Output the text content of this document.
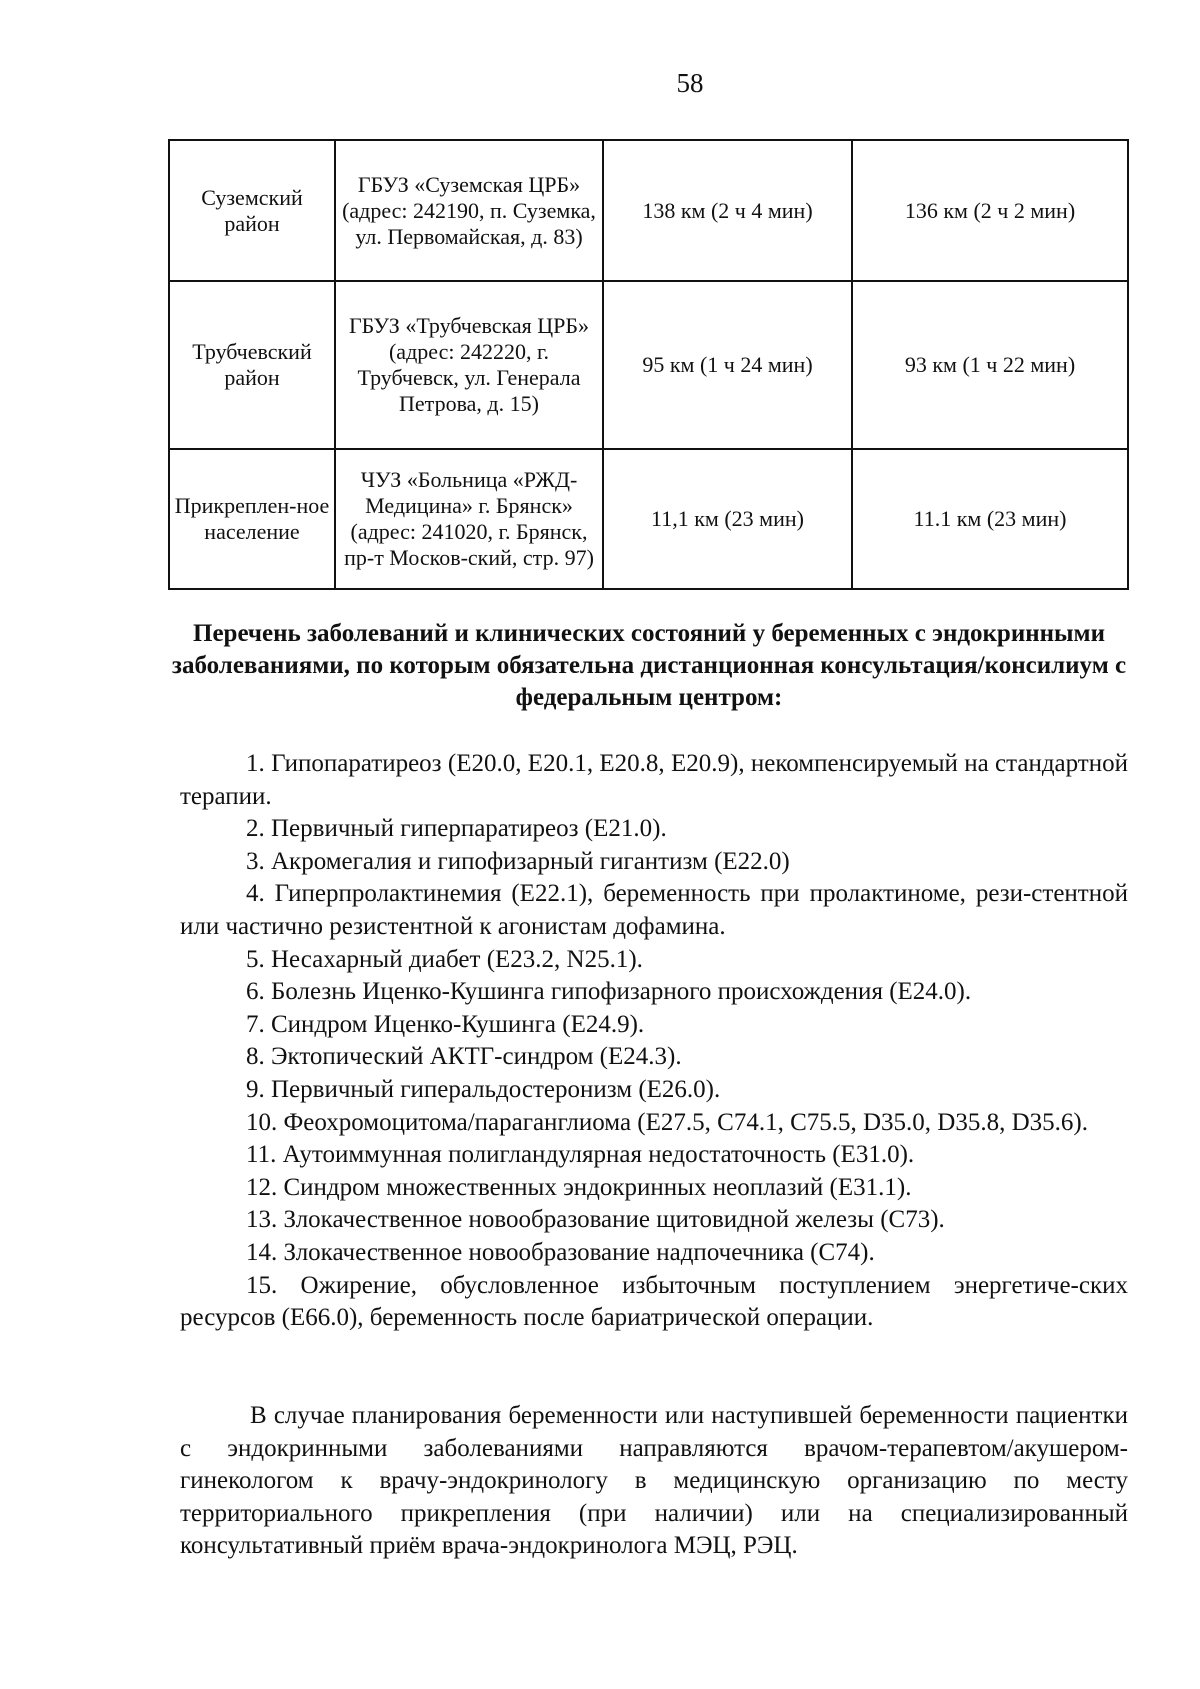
58
Суземский район	ГБУЗ «Суземская ЦРБ» (адрес: 242190, п. Суземка, ул. Первомайская, д. 83)	138 км (2 ч 4 мин)	136 км (2 ч 2 мин)
Трубчевский район	ГБУЗ «Трубчевская ЦРБ» (адрес: 242220, г. Трубчевск, ул. Генерала Петрова, д. 15)	95 км (1 ч 24 мин)	93 км (1 ч 22 мин)
Прикреплен-ное население	ЧУЗ «Больница «РЖД-Медицина» г. Брянск» (адрес: 241020, г. Брянск, пр-т Москов-ский, стр. 97)	11,1 км (23 мин)	11.1 км (23 мин)
Перечень заболеваний и клинических состояний у беременных с эндокринными заболеваниями, по которым обязательна дистанционная консультация/консилиум с федеральным центром:

1. Гипопаратиреоз (E20.0, E20.1, E20.8, E20.9), некомпенсируемый на стандартной терапии.

2. Первичный гиперпаратиреоз (E21.0).

3. Акромегалия и гипофизарный гигантизм (E22.0)

4. Гиперпролактинемия (E22.1), беременность при пролактиноме, рези-стентной или частично резистентной к агонистам дофамина.

5. Несахарный диабет (E23.2, N25.1).

6. Болезнь Иценко-Кушинга гипофизарного происхождения (E24.0).

7. Синдром Иценко-Кушинга (E24.9).

8. Эктопический АКТГ-синдром (E24.3).

9. Первичный гиперальдостеронизм (E26.0).

10. Феохромоцитома/параганглиома (E27.5, C74.1, C75.5, D35.0, D35.8, D35.6).

11. Аутоиммунная полигландулярная недостаточность (E31.0).

12. Синдром множественных эндокринных неоплазий (E31.1).

13. Злокачественное новообразование щитовидной железы (C73).

14. Злокачественное новообразование надпочечника (C74).

15. Ожирение, обусловленное избыточным поступлением энергетиче-ских ресурсов (E66.0), беременность после бариатрической операции.

В случае планирования беременности или наступившей беременности пациентки с эндокринными заболеваниями направляются врачом-терапевтом/акушером-гинекологом к врачу-эндокринологу в медицинскую организацию по месту территориального прикрепления (при наличии) или на специализированный консультативный приём врача-эндокринолога МЭЦ, РЭЦ.
